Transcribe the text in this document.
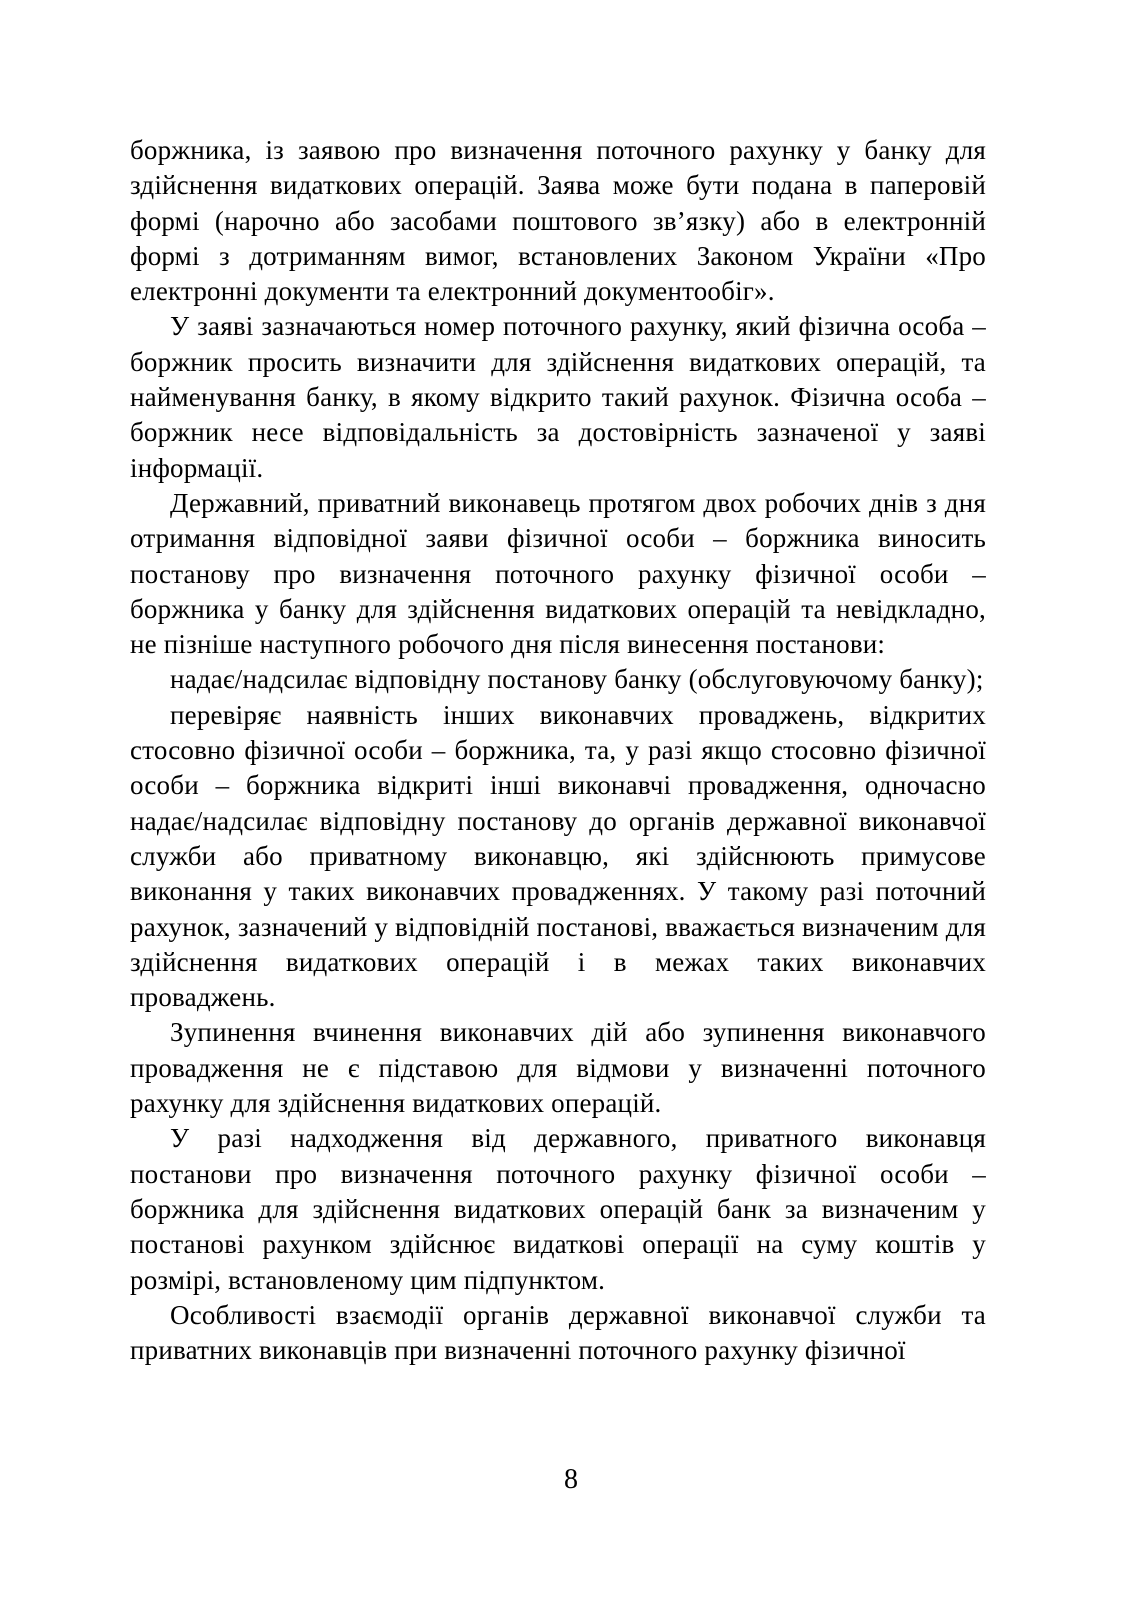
боржника, із заявою про визначення поточного рахунку у банку для здійснення видаткових операцій. Заява може бути подана в паперовій формі (нарочно або засобами поштового зв’язку) або в електронній формі з дотриманням вимог, встановлених Законом України «Про електронні документи та електронний документообіг».

У заяві зазначаються номер поточного рахунку, який фізична особа – боржник просить визначити для здійснення видаткових операцій, та найменування банку, в якому відкрито такий рахунок. Фізична особа – боржник несе відповідальність за достовірність зазначеної у заяві інформації.

Державний, приватний виконавець протягом двох робочих днів з дня отримання відповідної заяви фізичної особи – боржника виносить постанову про визначення поточного рахунку фізичної особи – боржника у банку для здійснення видаткових операцій та невідкладно, не пізніше наступного робочого дня після винесення постанови:

надає/надсилає відповідну постанову банку (обслуговуючому банку);

перевіряє наявність інших виконавчих проваджень, відкритих стосовно фізичної особи – боржника, та, у разі якщо стосовно фізичної особи – боржника відкриті інші виконавчі провадження, одночасно надає/надсилає відповідну постанову до органів державної виконавчої служби або приватному виконавцю, які здійснюють примусове виконання у таких виконавчих провадженнях. У такому разі поточний рахунок, зазначений у відповідній постанові, вважається визначеним для здійснення видаткових операцій і в межах таких виконавчих проваджень.

Зупинення вчинення виконавчих дій або зупинення виконавчого провадження не є підставою для відмови у визначенні поточного рахунку для здійснення видаткових операцій.

У разі надходження від державного, приватного виконавця постанови про визначення поточного рахунку фізичної особи – боржника для здійснення видаткових операцій банк за визначеним у постанові рахунком здійснює видаткові операції на суму коштів у розмірі, встановленому цим підпунктом.

Особливості взаємодії органів державної виконавчої служби та приватних виконавців при визначенні поточного рахунку фізичної

8
